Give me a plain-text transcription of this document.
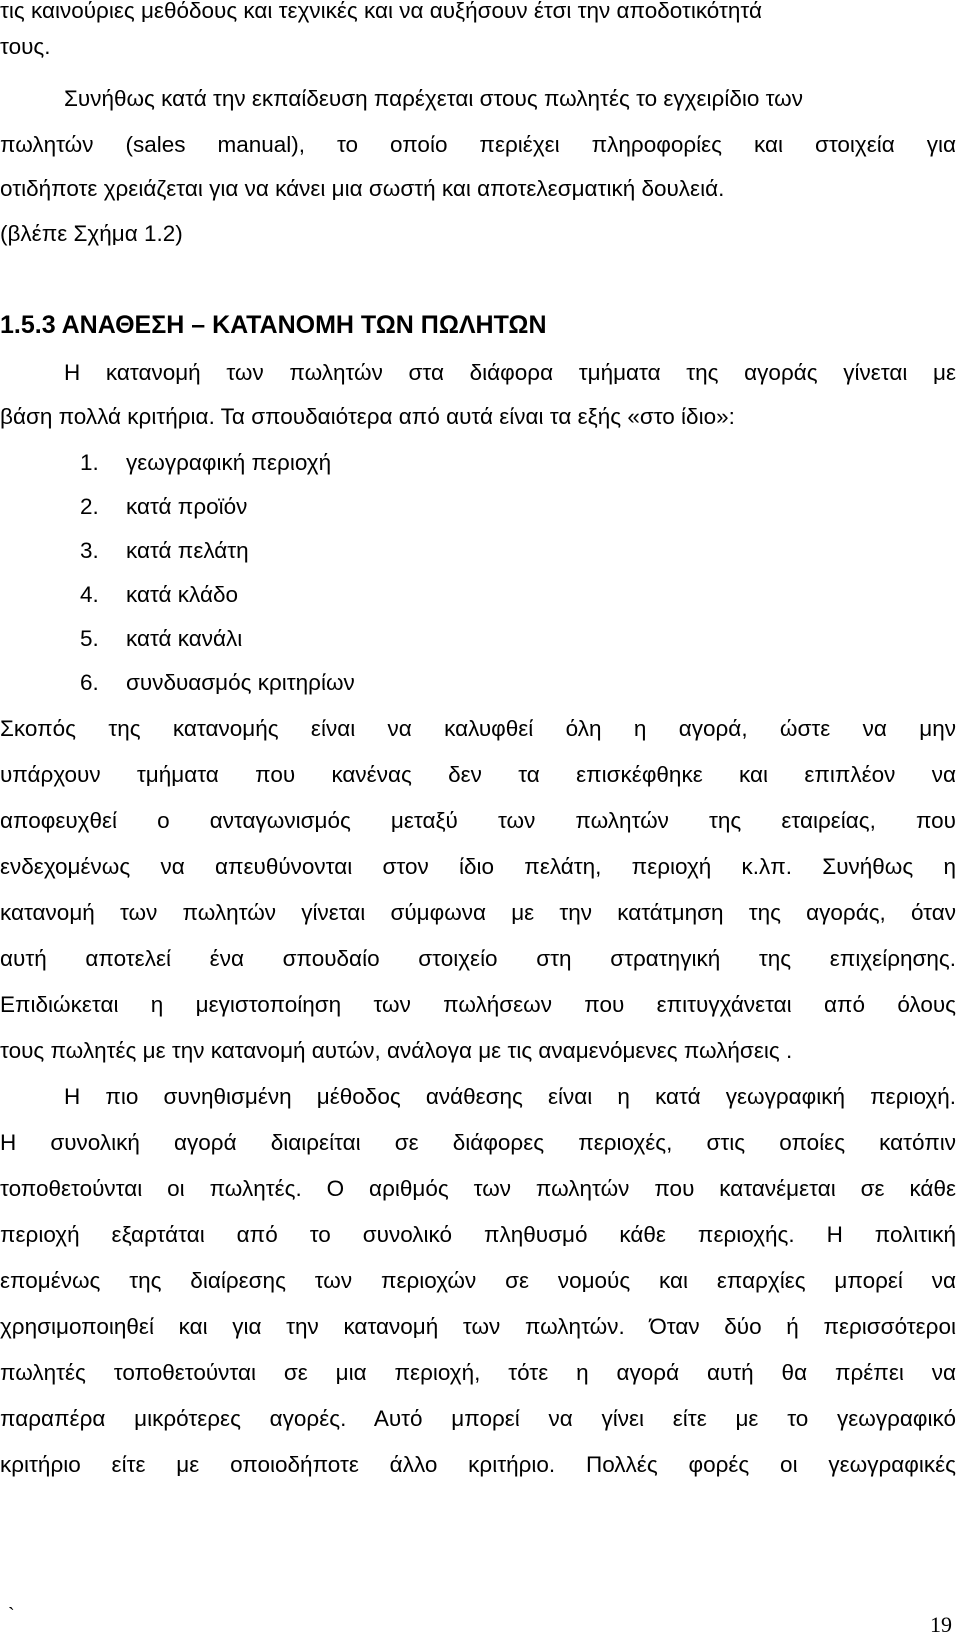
τις καινούριες μεθόδους και τεχνικές και να αυξήσουν έτσι την αποδοτικότητά
τους.
Συνήθως κατά την εκπαίδευση παρέχεται στους πωλητές το εγχειρίδιο των
πωλητών (sales manual), το οποίο περιέχει πληροφορίες και στοιχεία για
οτιδήποτε χρειάζεται για να κάνει μια σωστή και αποτελεσματική δουλειά.
(βλέπε Σχήμα 1.2)
1.5.3 ΑΝΑΘΕΣΗ – ΚΑΤΑΝΟΜΗ ΤΩΝ ΠΩΛΗΤΩΝ
Η κατανομή των πωλητών στα διάφορα τμήματα της αγοράς γίνεται με
βάση πολλά κριτήρια. Τα σπουδαιότερα από αυτά είναι τα εξής «στο ίδιο»:
1. γεωγραφική περιοχή
2. κατά προϊόν
3. κατά πελάτη
4. κατά κλάδο
5. κατά κανάλι
6. συνδυασμός κριτηρίων
Σκοπός της κατανομής είναι να καλυφθεί όλη η αγορά, ώστε να μην
υπάρχουν τμήματα που κανένας δεν τα επισκέφθηκε και επιπλέον να
αποφευχθεί ο ανταγωνισμός μεταξύ των πωλητών της εταιρείας, που
ενδεχομένως να απευθύνονται στον ίδιο πελάτη, περιοχή κ.λπ. Συνήθως η
κατανομή των πωλητών γίνεται σύμφωνα με την κατάτμηση της αγοράς, όταν
αυτή αποτελεί ένα σπουδαίο στοιχείο στη στρατηγική της επιχείρησης.
Επιδιώκεται η μεγιστοποίηση των πωλήσεων που επιτυγχάνεται από όλους
τους πωλητές με την κατανομή αυτών, ανάλογα με τις αναμενόμενες πωλήσεις .
Η πιο συνηθισμένη μέθοδος ανάθεσης είναι η κατά γεωγραφική περιοχή.
Η συνολική αγορά διαιρείται σε διάφορες περιοχές, στις οποίες κατόπιν
τοποθετούνται οι πωλητές. Ο αριθμός των πωλητών που κατανέμεται σε κάθε
περιοχή εξαρτάται από το συνολικό πληθυσμό κάθε περιοχής. Η πολιτική
επομένως της διαίρεσης των περιοχών σε νομούς και επαρχίες μπορεί να
χρησιμοποιηθεί και για την κατανομή των πωλητών. Όταν δύο ή περισσότεροι
πωλητές τοποθετούνται σε μια περιοχή, τότε η αγορά αυτή θα πρέπει να
παραπέρα μικρότερες αγορές. Αυτό μπορεί να γίνει είτε με το γεωγραφικό
κριτήριο είτε με οποιοδήποτε άλλο κριτήριο. Πολλές φορές οι γεωγραφικές
`	19
